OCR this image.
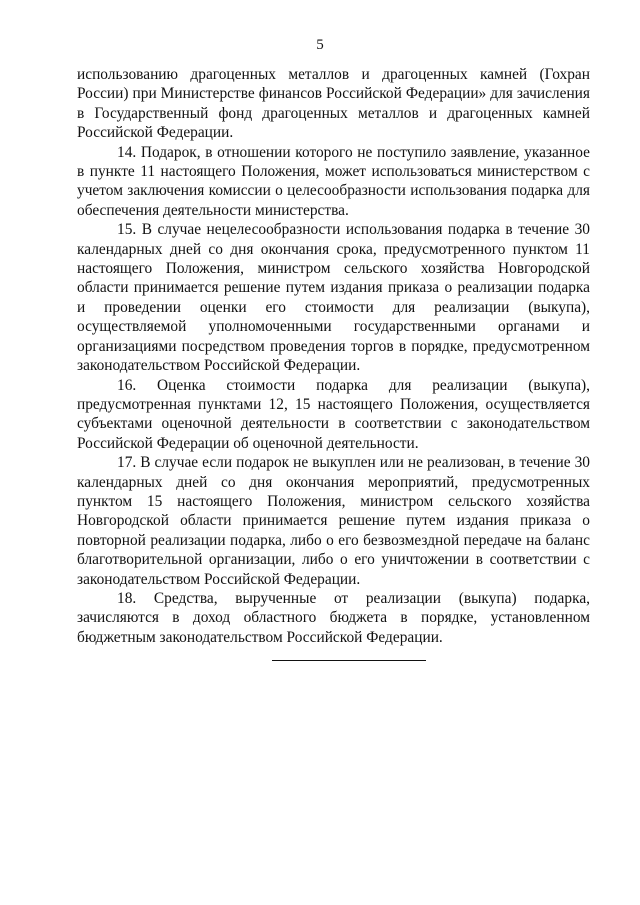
5

использованию драгоценных металлов и драгоценных камней (Гохран России) при Министерстве финансов Российской Федерации» для зачисления в Государственный фонд драгоценных металлов и драгоценных камней Российской Федерации.

14. Подарок, в отношении которого не поступило заявление, указанное в пункте 11 настоящего Положения, может использоваться министерством с учетом заключения комиссии о целесообразности использования подарка для обеспечения деятельности министерства.

15. В случае нецелесообразности использования подарка в течение 30 календарных дней со дня окончания срока, предусмотренного пунктом 11 настоящего Положения, министром сельского хозяйства Новгородской области принимается решение путем издания приказа о реализации подарка и проведении оценки его стоимости для реализации (выкупа), осуществляемой уполномоченными государственными органами и организациями посредством проведения торгов в порядке, предусмотренном законодательством Российской Федерации.

16. Оценка стоимости подарка для реализации (выкупа), предусмотренная пунктами 12, 15 настоящего Положения, осуществляется субъектами оценочной деятельности в соответствии с законодательством Российской Федерации об оценочной деятельности.

17. В случае если подарок не выкуплен или не реализован, в течение 30 календарных дней со дня окончания мероприятий, предусмотренных пунктом 15 настоящего Положения, министром сельского хозяйства Новгородской области принимается решение путем издания приказа о повторной реализации подарка, либо о его безвозмездной передаче на баланс благотворительной организации, либо о его уничтожении в соответствии с законодательством Российской Федерации.

18. Средства, вырученные от реализации (выкупа) подарка, зачисляются в доход областного бюджета в порядке, установленном бюджетным законодательством Российской Федерации.
